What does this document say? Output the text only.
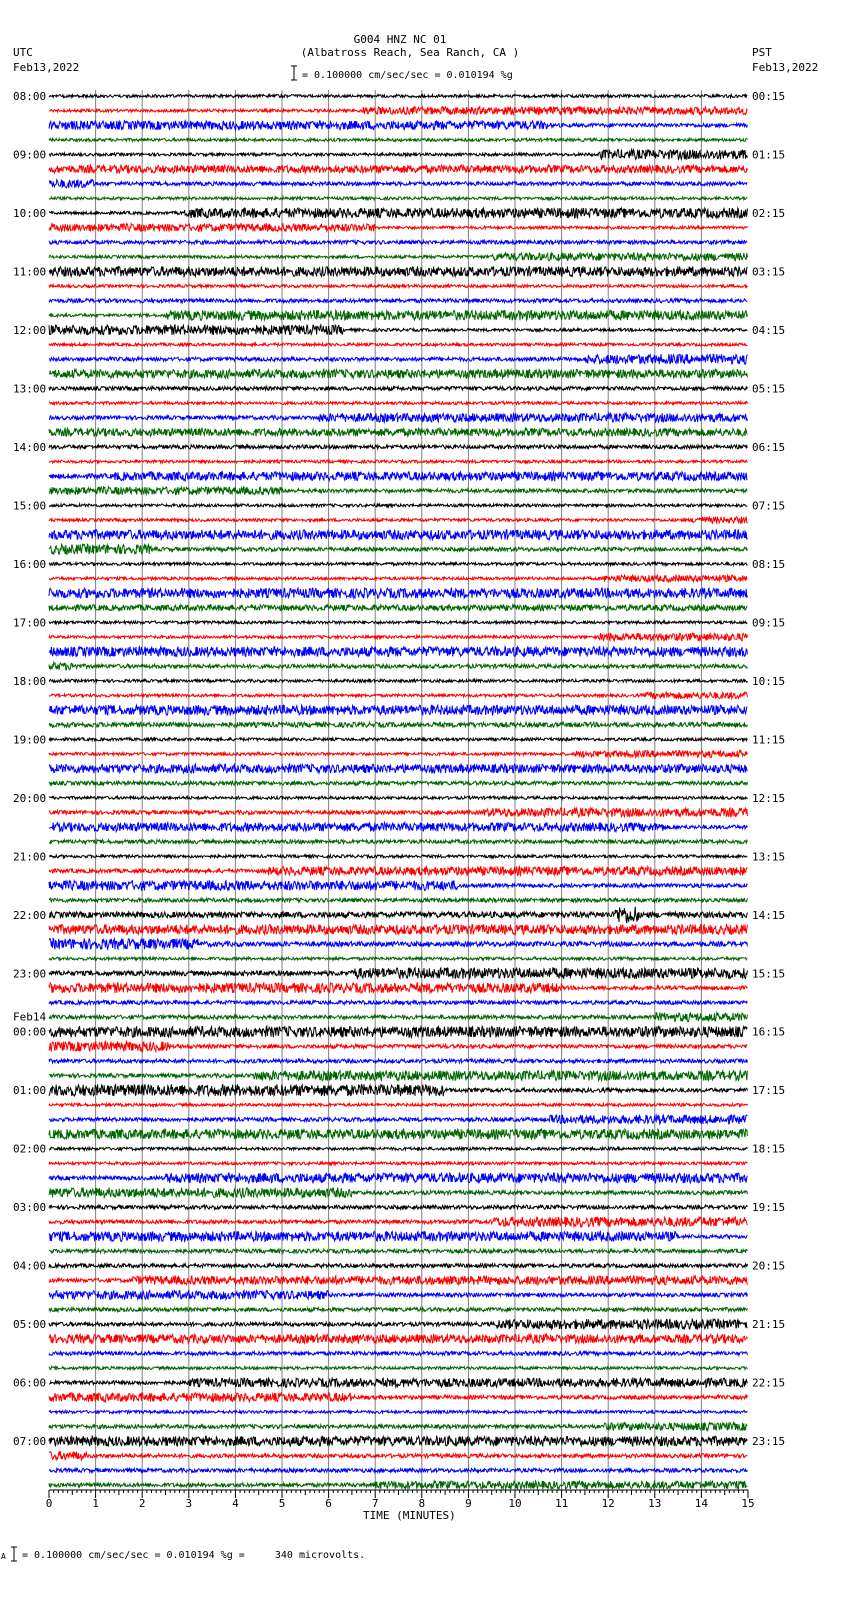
G004 HNZ NC 01
(Albatross Reach, Sea Ranch, CA )
= 0.100000 cm/sec/sec = 0.010194 %g
UTC
Feb13,2022
PST
Feb13,2022
08:00
09:00
10:00
11:00
12:00
13:00
14:00
15:00
16:00
17:00
18:00
19:00
20:00
21:00
22:00
23:00
00:00
Feb14
01:00
02:00
03:00
04:00
05:00
06:00
07:00
00:15
01:15
02:15
03:15
04:15
05:15
06:15
07:15
08:15
09:15
10:15
11:15
12:15
13:15
14:15
15:15
16:15
17:15
18:15
19:15
20:15
21:15
22:15
23:15
0	1	2	3	4	5	6	7	8	9	10	11	12	13	14	15
TIME (MINUTES)
A = 0.100000 cm/sec/sec = 0.010194 %g =     340 microvolts.
